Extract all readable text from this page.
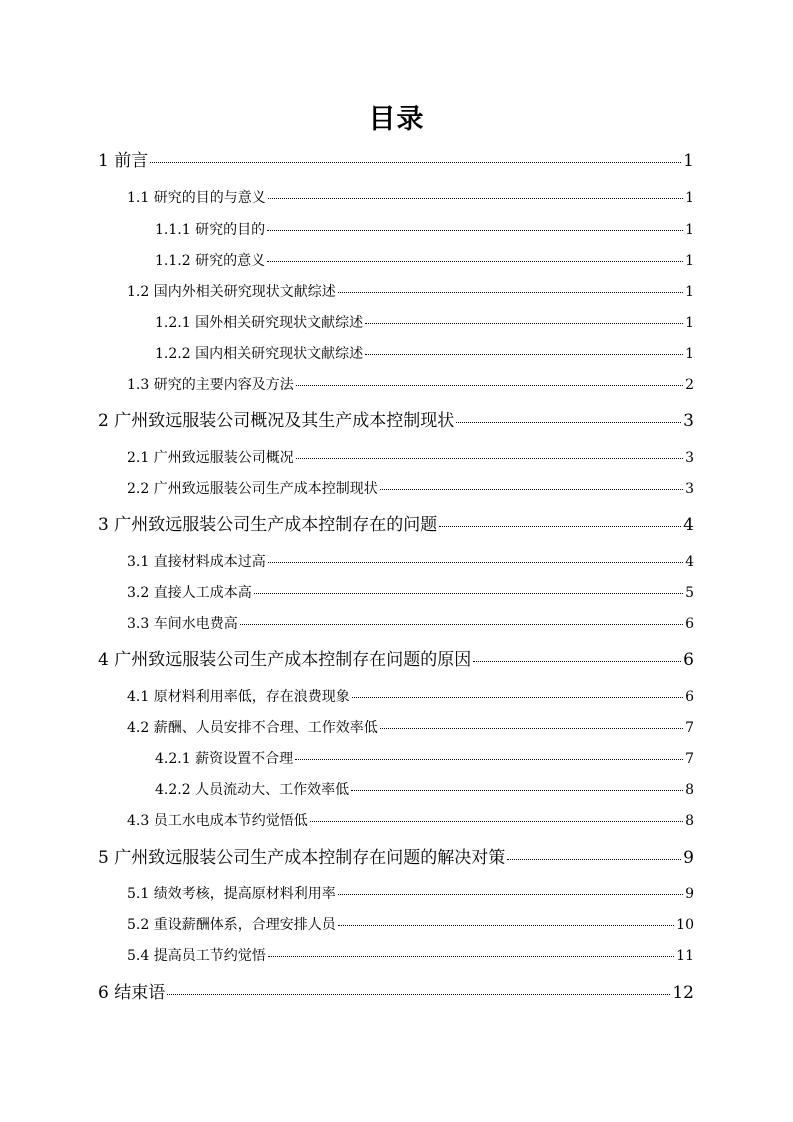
目录
1 前言	1
1.1 研究的目的与意义	1
1.1.1 研究的目的	1
1.1.2 研究的意义	1
1.2 国内外相关研究现状文献综述	1
1.2.1 国外相关研究现状文献综述	1
1.2.2 国内相关研究现状文献综述	1
1.3 研究的主要内容及方法	2
2 广州致远服装公司概况及其生产成本控制现状	3
2.1 广州致远服装公司概况	3
2.2 广州致远服装公司生产成本控制现状	3
3 广州致远服装公司生产成本控制存在的问题	4
3.1 直接材料成本过高	4
3.2 直接人工成本高	5
3.3 车间水电费高	6
4 广州致远服装公司生产成本控制存在问题的原因	6
4.1 原材料利用率低，存在浪费现象	6
4.2 薪酬、人员安排不合理、工作效率低	7
4.2.1 薪资设置不合理	7
4.2.2 人员流动大、工作效率低	8
4.3 员工水电成本节约觉悟低	8
5 广州致远服装公司生产成本控制存在问题的解决对策	9
5.1 绩效考核，提高原材料利用率	9
5.2 重设薪酬体系，合理安排人员	10
5.4 提高员工节约觉悟	11
6 结束语	12
